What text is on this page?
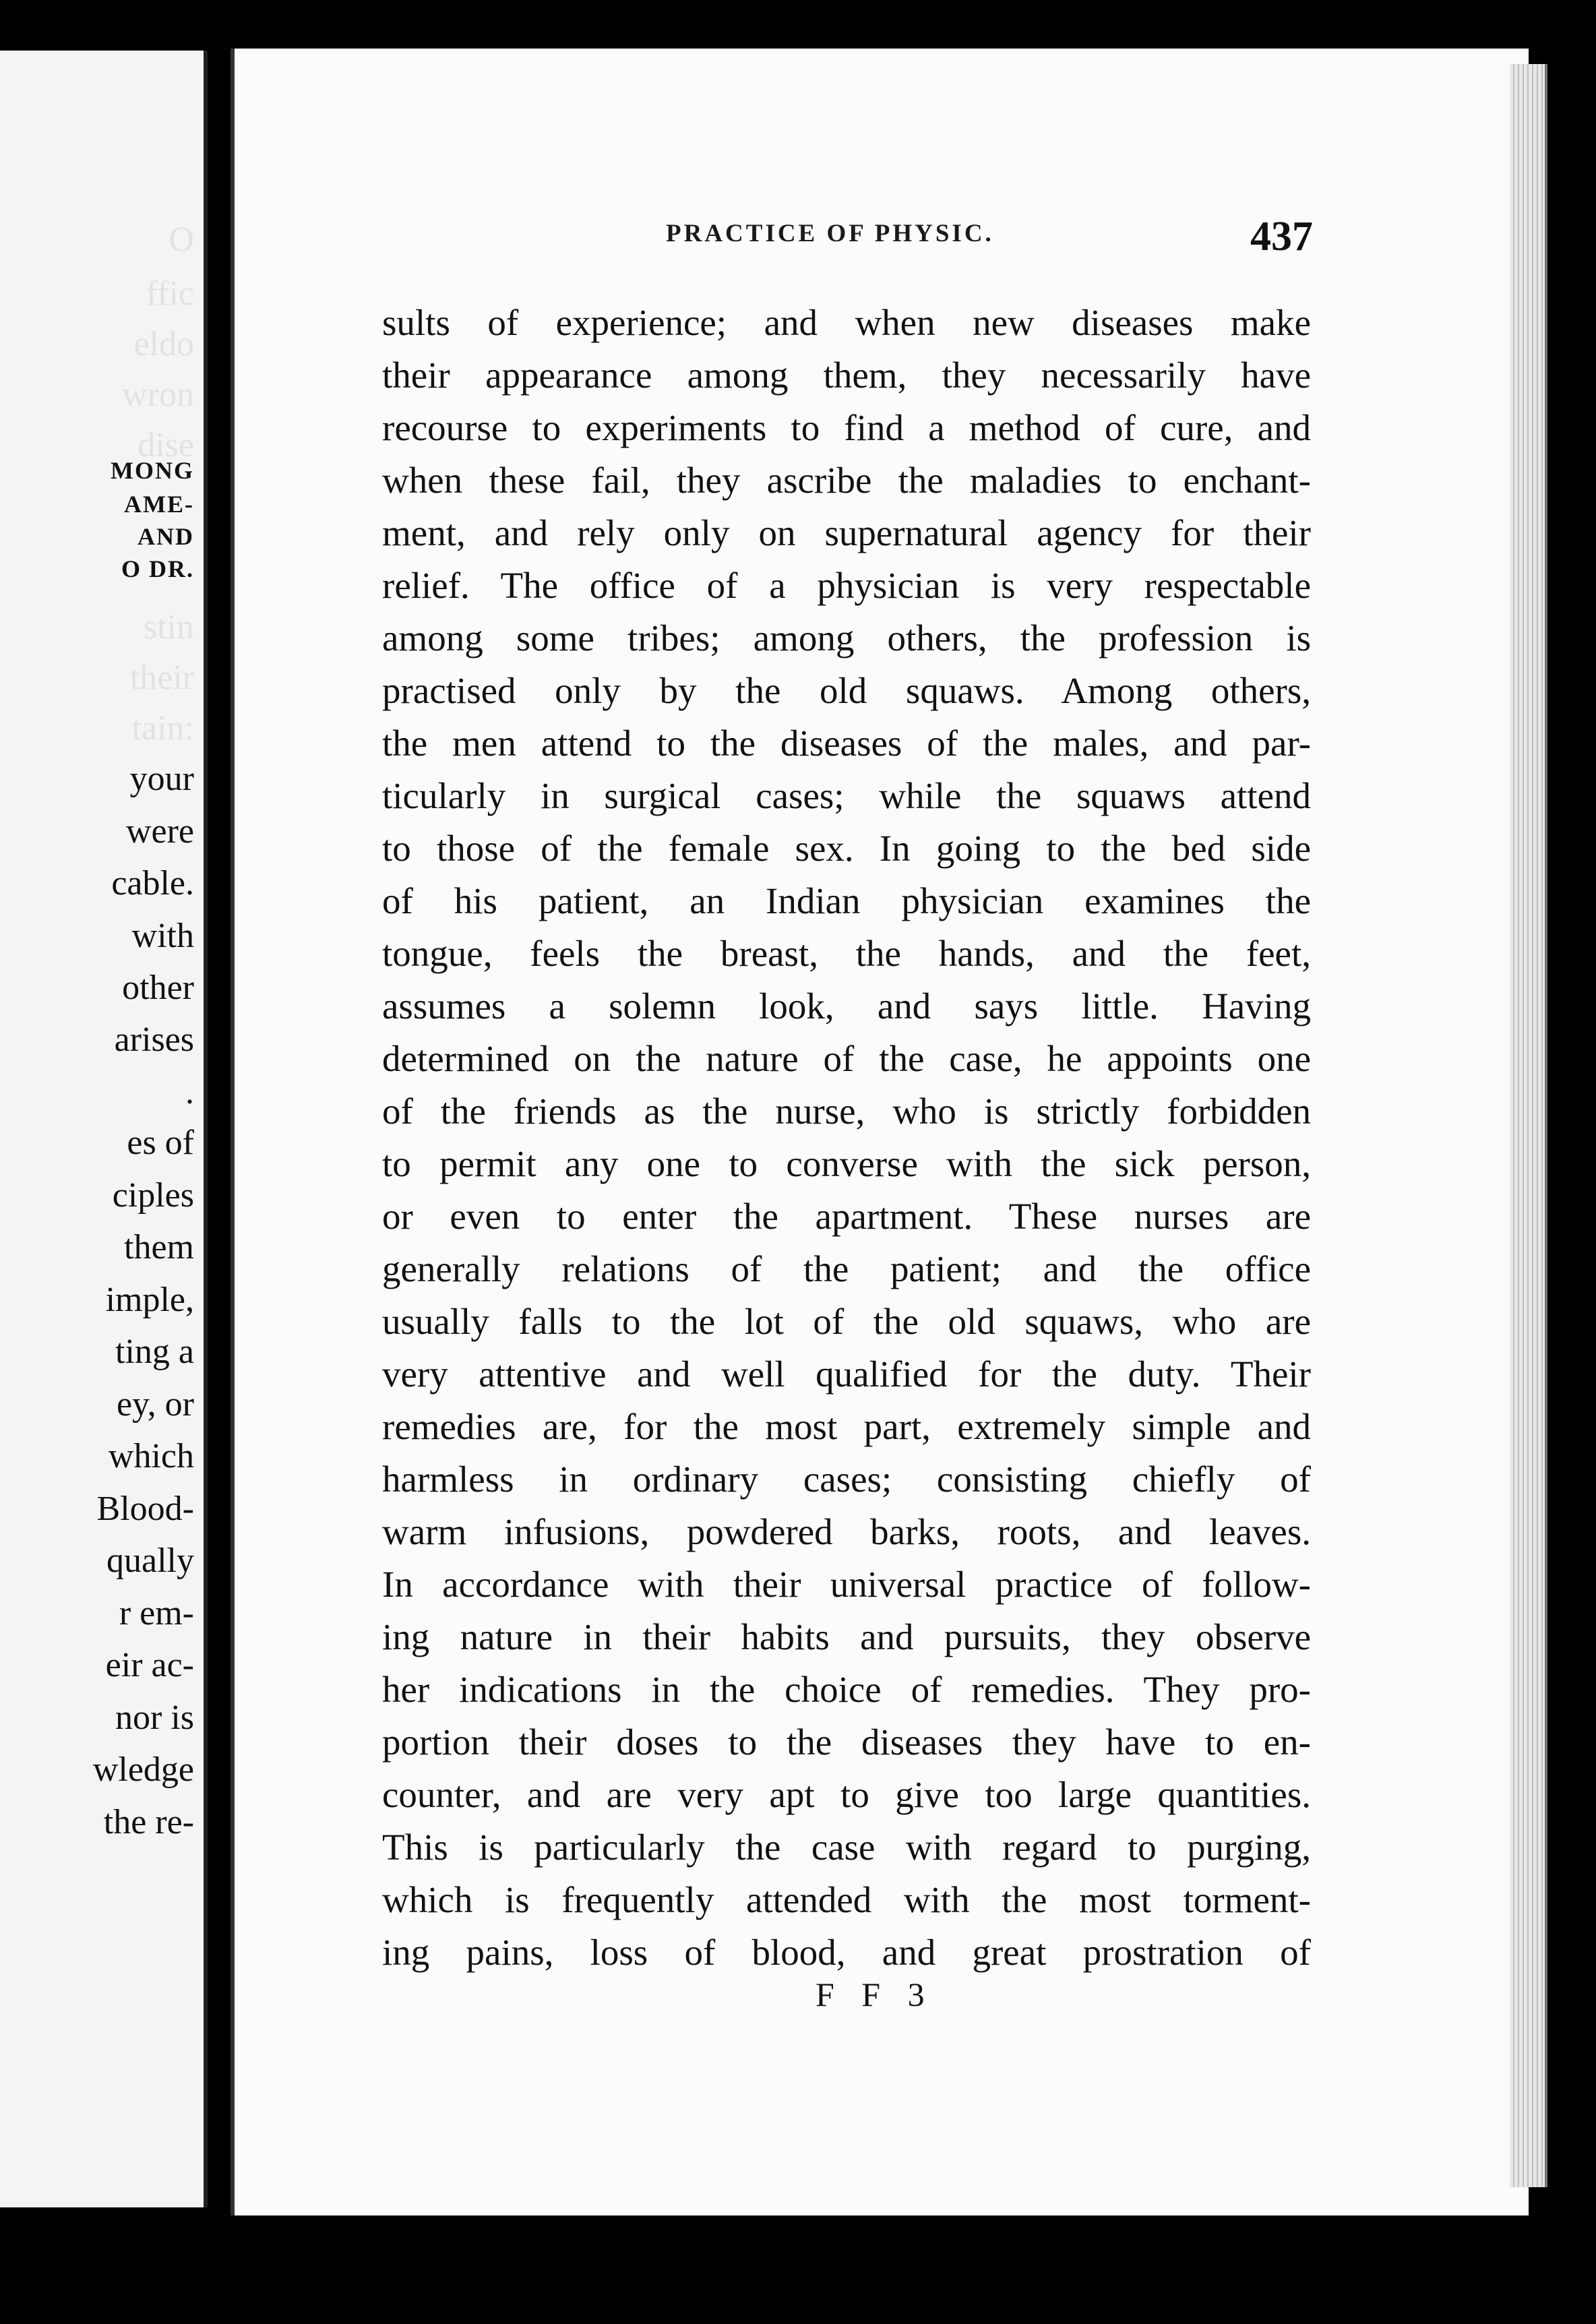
O
ffic
eldo
wron
dise
MONG
AME-
AND
O DR.
stin
their
tain:
your
were
cable.
with
other
arises
.
es of
ciples
them
imple,
ting a
ey, or
which
Blood-
qually
r em-
eir ac-
nor is
wledge
the re-
PRACTICE OF PHYSIC.	437
sults of experience; and when new diseases make
their appearance among them, they necessarily have
recourse to experiments to find a method of cure, and
when these fail, they ascribe the maladies to enchant-
ment, and rely only on supernatural agency for their
relief. The office of a physician is very respectable
among some tribes; among others, the profession is
practised only by the old squaws. Among others,
the men attend to the diseases of the males, and par-
ticularly in surgical cases; while the squaws attend
to those of the female sex. In going to the bed side
of his patient, an Indian physician examines the
tongue, feels the breast, the hands, and the feet,
assumes a solemn look, and says little. Having
determined on the nature of the case, he appoints one
of the friends as the nurse, who is strictly forbidden
to permit any one to converse with the sick person,
or even to enter the apartment. These nurses are
generally relations of the patient; and the office
usually falls to the lot of the old squaws, who are
very attentive and well qualified for the duty. Their
remedies are, for the most part, extremely simple and
harmless in ordinary cases; consisting chiefly of
warm infusions, powdered barks, roots, and leaves.
In accordance with their universal practice of follow-
ing nature in their habits and pursuits, they observe
her indications in the choice of remedies. They pro-
portion their doses to the diseases they have to en-
counter, and are very apt to give too large quantities.
This is particularly the case with regard to purging,
which is frequently attended with the most torment-
ing pains, loss of blood, and great prostration of
F F 3
